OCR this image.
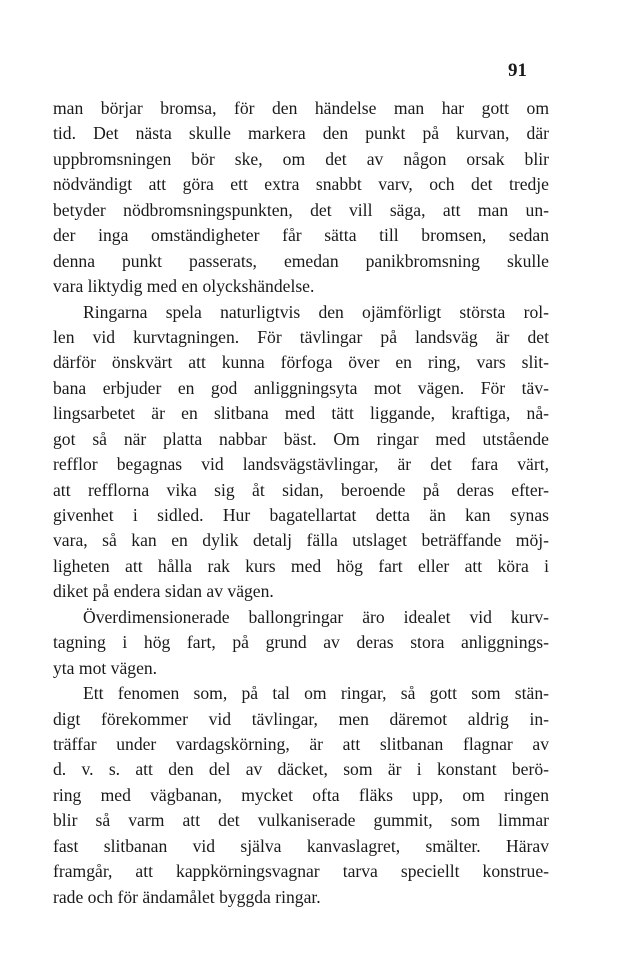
91
man börjar bromsa, för den händelse man har gott om
tid. Det nästa skulle markera den punkt på kurvan, där
uppbromsningen bör ske, om det av någon orsak blir
nödvändigt att göra ett extra snabbt varv, och det tredje
betyder nödbromsningspunkten, det vill säga, att man un-
der inga omständigheter får sätta till bromsen, sedan
denna punkt passerats, emedan panikbromsning skulle
vara liktydig med en olyckshändelse.
Ringarna spela naturligtvis den ojämförligt största rol-
len vid kurvtagningen. För tävlingar på landsväg är det
därför önskvärt att kunna förfoga över en ring, vars slit-
bana erbjuder en god anliggningsyta mot vägen. För täv-
lingsarbetet är en slitbana med tätt liggande, kraftiga, nå-
got så när platta nabbar bäst. Om ringar med utstående
refflor begagnas vid landsvägstävlingar, är det fara värt,
att refflorna vika sig åt sidan, beroende på deras efter-
givenhet i sidled. Hur bagatellartat detta än kan synas
vara, så kan en dylik detalj fälla utslaget beträffande möj-
ligheten att hålla rak kurs med hög fart eller att köra i
diket på endera sidan av vägen.
Överdimensionerade ballongringar äro idealet vid kurv-
tagning i hög fart, på grund av deras stora anliggnings-
yta mot vägen.
Ett fenomen som, på tal om ringar, så gott som stän-
digt förekommer vid tävlingar, men däremot aldrig in-
träffar under vardagskörning, är att slitbanan flagnar av
d. v. s. att den del av däcket, som är i konstant berö-
ring med vägbanan, mycket ofta fläks upp, om ringen
blir så varm att det vulkaniserade gummit, som limmar
fast slitbanan vid själva kanvaslagret, smälter. Härav
framgår, att kappkörningsvagnar tarva speciellt konstrue-
rade och för ändamålet byggda ringar.
